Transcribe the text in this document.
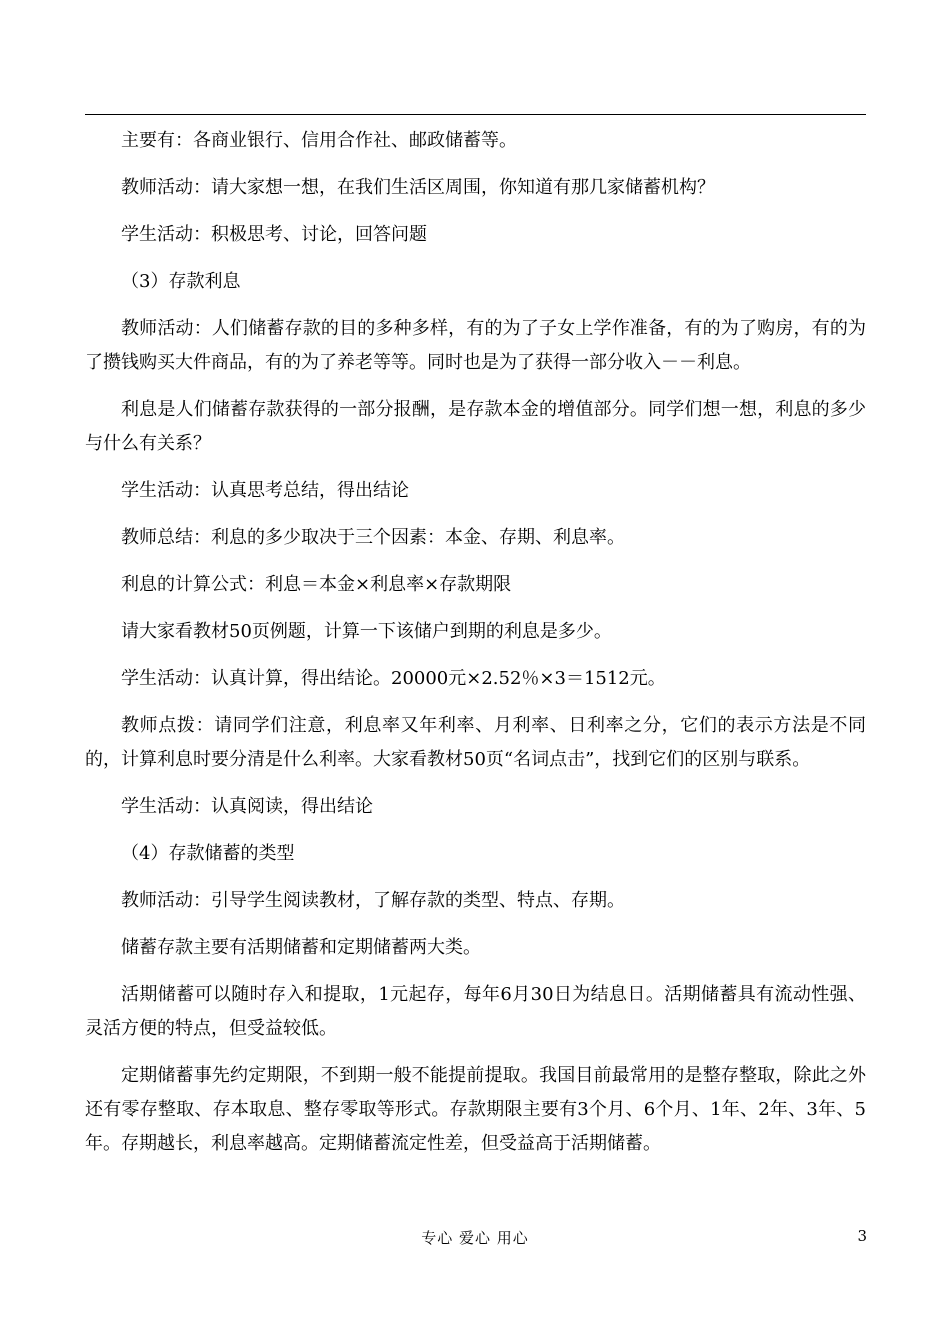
主要有：各商业银行、信用合作社、邮政储蓄等。

教师活动：请大家想一想，在我们生活区周围，你知道有那几家储蓄机构？

学生活动：积极思考、讨论，回答问题

（3）存款利息

教师活动：人们储蓄存款的目的多种多样，有的为了子女上学作准备，有的为了购房，有的为了攒钱购买大件商品，有的为了养老等等。同时也是为了获得一部分收入－－利息。

利息是人们储蓄存款获得的一部分报酬，是存款本金的增值部分。同学们想一想，利息的多少与什么有关系？

学生活动：认真思考总结，得出结论

教师总结：利息的多少取决于三个因素：本金、存期、利息率。

利息的计算公式：利息＝本金×利息率×存款期限

请大家看教材50页例题，计算一下该储户到期的利息是多少。

学生活动：认真计算，得出结论。20000元×2.52％×3＝1512元。

教师点拨：请同学们注意，利息率又年利率、月利率、日利率之分，它们的表示方法是不同的，计算利息时要分清是什么利率。大家看教材50页“名词点击”，找到它们的区别与联系。

学生活动：认真阅读，得出结论

（4）存款储蓄的类型

教师活动：引导学生阅读教材，了解存款的类型、特点、存期。

储蓄存款主要有活期储蓄和定期储蓄两大类。

活期储蓄可以随时存入和提取，1元起存，每年6月30日为结息日。活期储蓄具有流动性强、灵活方便的特点，但受益较低。

定期储蓄事先约定期限，不到期一般不能提前提取。我国目前最常用的是整存整取，除此之外还有零存整取、存本取息、整存零取等形式。存款期限主要有3个月、6个月、1年、2年、3年、5年。存期越长，利息率越高。定期储蓄流定性差，但受益高于活期储蓄。

专心 爱心 用心	3
